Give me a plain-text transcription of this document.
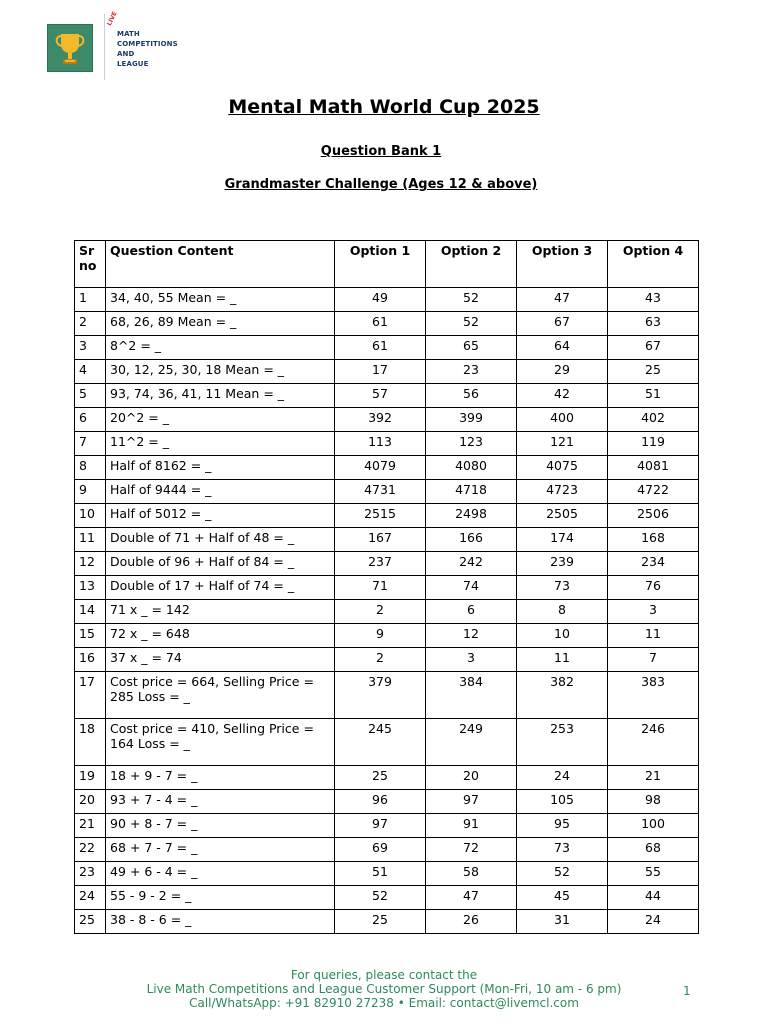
LIVE
MATH
COMPETITIONS
AND
LEAGUE
Mental Math World Cup 2025
Question Bank 1
Grandmaster Challenge (Ages 12 & above)
Sr no	Question Content	Option 1	Option 2	Option 3	Option 4
1	34, 40, 55 Mean = _	49	52	47	43
2	68, 26, 89 Mean = _	61	52	67	63
3	8^2 = _	61	65	64	67
4	30, 12, 25, 30, 18 Mean = _	17	23	29	25
5	93, 74, 36, 41, 11 Mean = _	57	56	42	51
6	20^2 = _	392	399	400	402
7	11^2 = _	113	123	121	119
8	Half of 8162 = _	4079	4080	4075	4081
9	Half of 9444 = _	4731	4718	4723	4722
10	Half of 5012 = _	2515	2498	2505	2506
11	Double of 71 + Half of 48 = _	167	166	174	168
12	Double of 96 + Half of 84 = _	237	242	239	234
13	Double of 17 + Half of 74 = _	71	74	73	76
14	71 x _ = 142	2	6	8	3
15	72 x _ = 648	9	12	10	11
16	37 x _ = 74	2	3	11	7
17	Cost price = 664, Selling Price = 285 Loss = _	379	384	382	383
18	Cost price = 410, Selling Price = 164 Loss = _	245	249	253	246
19	18 + 9 - 7 = _	25	20	24	21
20	93 + 7 - 4 = _	96	97	105	98
21	90 + 8 - 7 = _	97	91	95	100
22	68 + 7 - 7 = _	69	72	73	68
23	49 + 6 - 4 = _	51	58	52	55
24	55 - 9 - 2 = _	52	47	45	44
25	38 - 8 - 6 = _	25	26	31	24
For queries, please contact the
Live Math Competitions and League Customer Support (Mon-Fri, 10 am - 6 pm)
Call/WhatsApp: +91 82910 27238 • Email: contact@livemcl.com
1
